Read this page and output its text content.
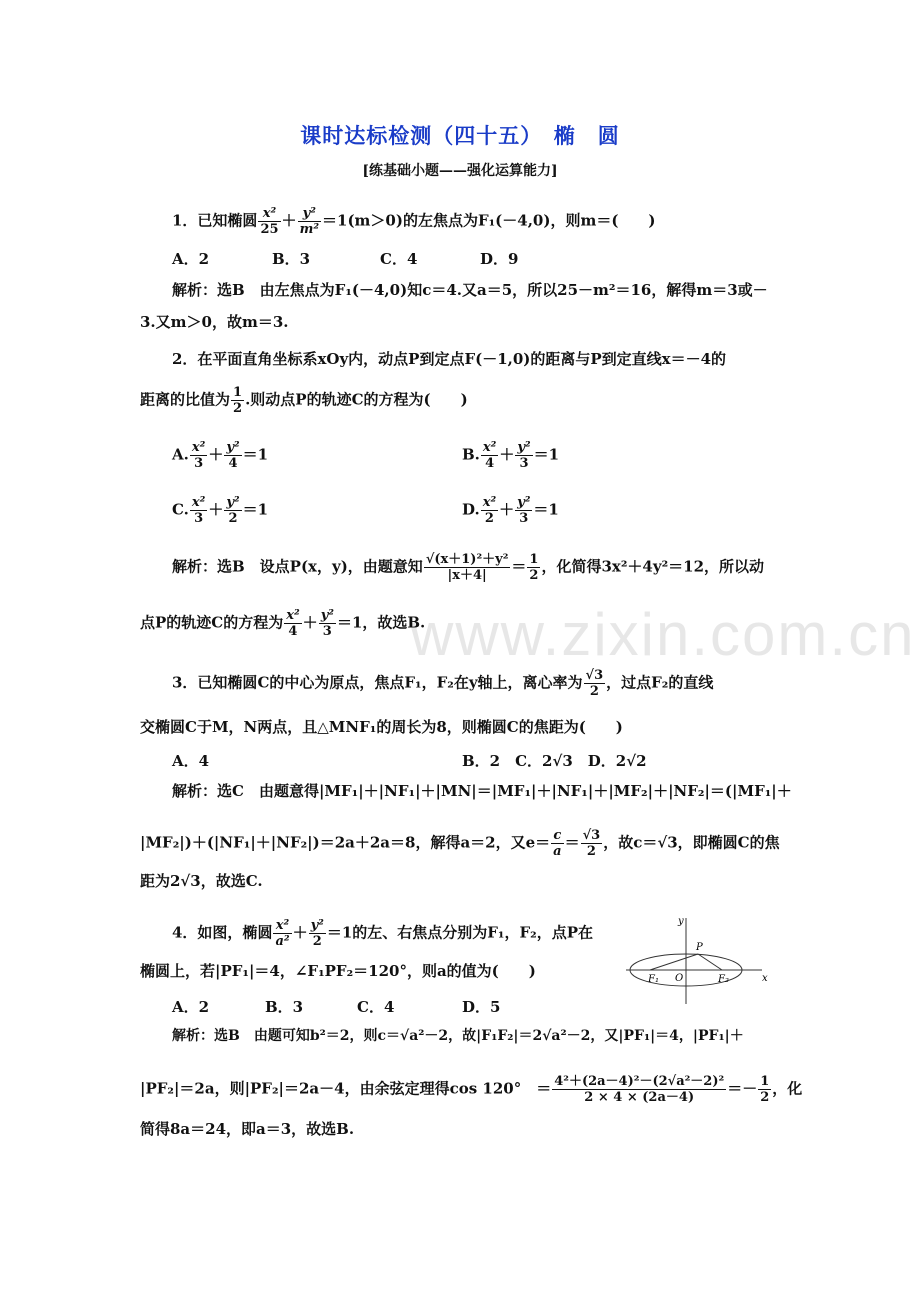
课时达标检测（四十五）　椭　圆
[练基础小题——强化运算能力]
www.zixin.com.cn
1．已知椭圆 $\frac{\text{x²}}{25} + \frac{\text{y²}}{\text{m²}} =1(m>0)$的左焦点为F₁(－4,0)，则m＝(　　)
A．2	B．3	C．4	D．9
解析：选B　由左焦点为F₁(－4,0)知c＝4.又a＝5，所以25－m²＝16，解得m＝3或－
3.又m＞0，故m＝3.
2．在平面直角坐标系xOy内，动点P到定点F(－1,0)的距离与P到定直线x＝－4的
距离的比值为 $\frac{1}{2}$ .则动点P的轨迹C的方程为(　　)
A. $\frac{\text{x²}}{3} + \frac{\text{y²}}{4} =1$	B. $\frac{\text{x²}}{4} + \frac{\text{y²}}{3} =1$
C. $\frac{\text{x²}}{3} + \frac{\text{y²}}{2} =1$	D. $\frac{\text{x²}}{2} + \frac{\text{y²}}{3} =1$
解析：选B　设点P(x，y)，由题意知 $\frac{\text{√(x＋1)²＋y²}}{|x+4|} = \frac{1}{2}$ ，化简得3x²＋4y²＝12，所以动
点P的轨迹C的方程为 $\frac{\text{x²}}{4} + \frac{\text{y²}}{3} =1$，故选B.
3．已知椭圆C的中心为原点，焦点F₁，F₂在y轴上，离心率为 $\frac{√3}{2}$ ，过点F₂的直线
交椭圆C于M，N两点，且△MNF₁的周长为8，则椭圆C的焦距为(　　)
A．4	B．2　C．2√3　D．2√2
解析：选C　由题意得|MF₁|＋|NF₁|＋|MN|＝|MF₁|＋|NF₁|＋|MF₂|＋|NF₂|＝(|MF₁|＋
|MF₂|)＋(|NF₁|＋|NF₂|)＝2a＋2a＝8，解得a＝2，又$e= \frac{c}{a} = \frac{√3}{2}$ ，故c＝√3，即椭圆C的焦
距为2√3，故选C.
4．如图，椭圆 $\frac{\text{x²}}{\text{a²}} + \frac{\text{y²}}{2} =1$的左、右焦点分别为F₁，F₂，点P在
椭圆上，若|PF₁|＝4，∠F₁PF₂＝120°，则a的值为(　　)
y
x
O
P
F₁	F₂
A．2	B．3	C．4	D．5
解析：选B　由题可知b²＝2，则c＝√a²－2，故|F₁F₂|＝2√a²－2，又|PF₁|＝4，|PF₁|＋
|PF₂|＝2a，则|PF₂|＝2a－4，由余弦定理得cos 120°　＝ $\frac{\text{4²＋(2a－4)²－(2√a²－2)²}}{2 \times 4 \times (2a-4)} =- \frac{1}{2}$ ，化
简得8a＝24，即a＝3，故选B.
